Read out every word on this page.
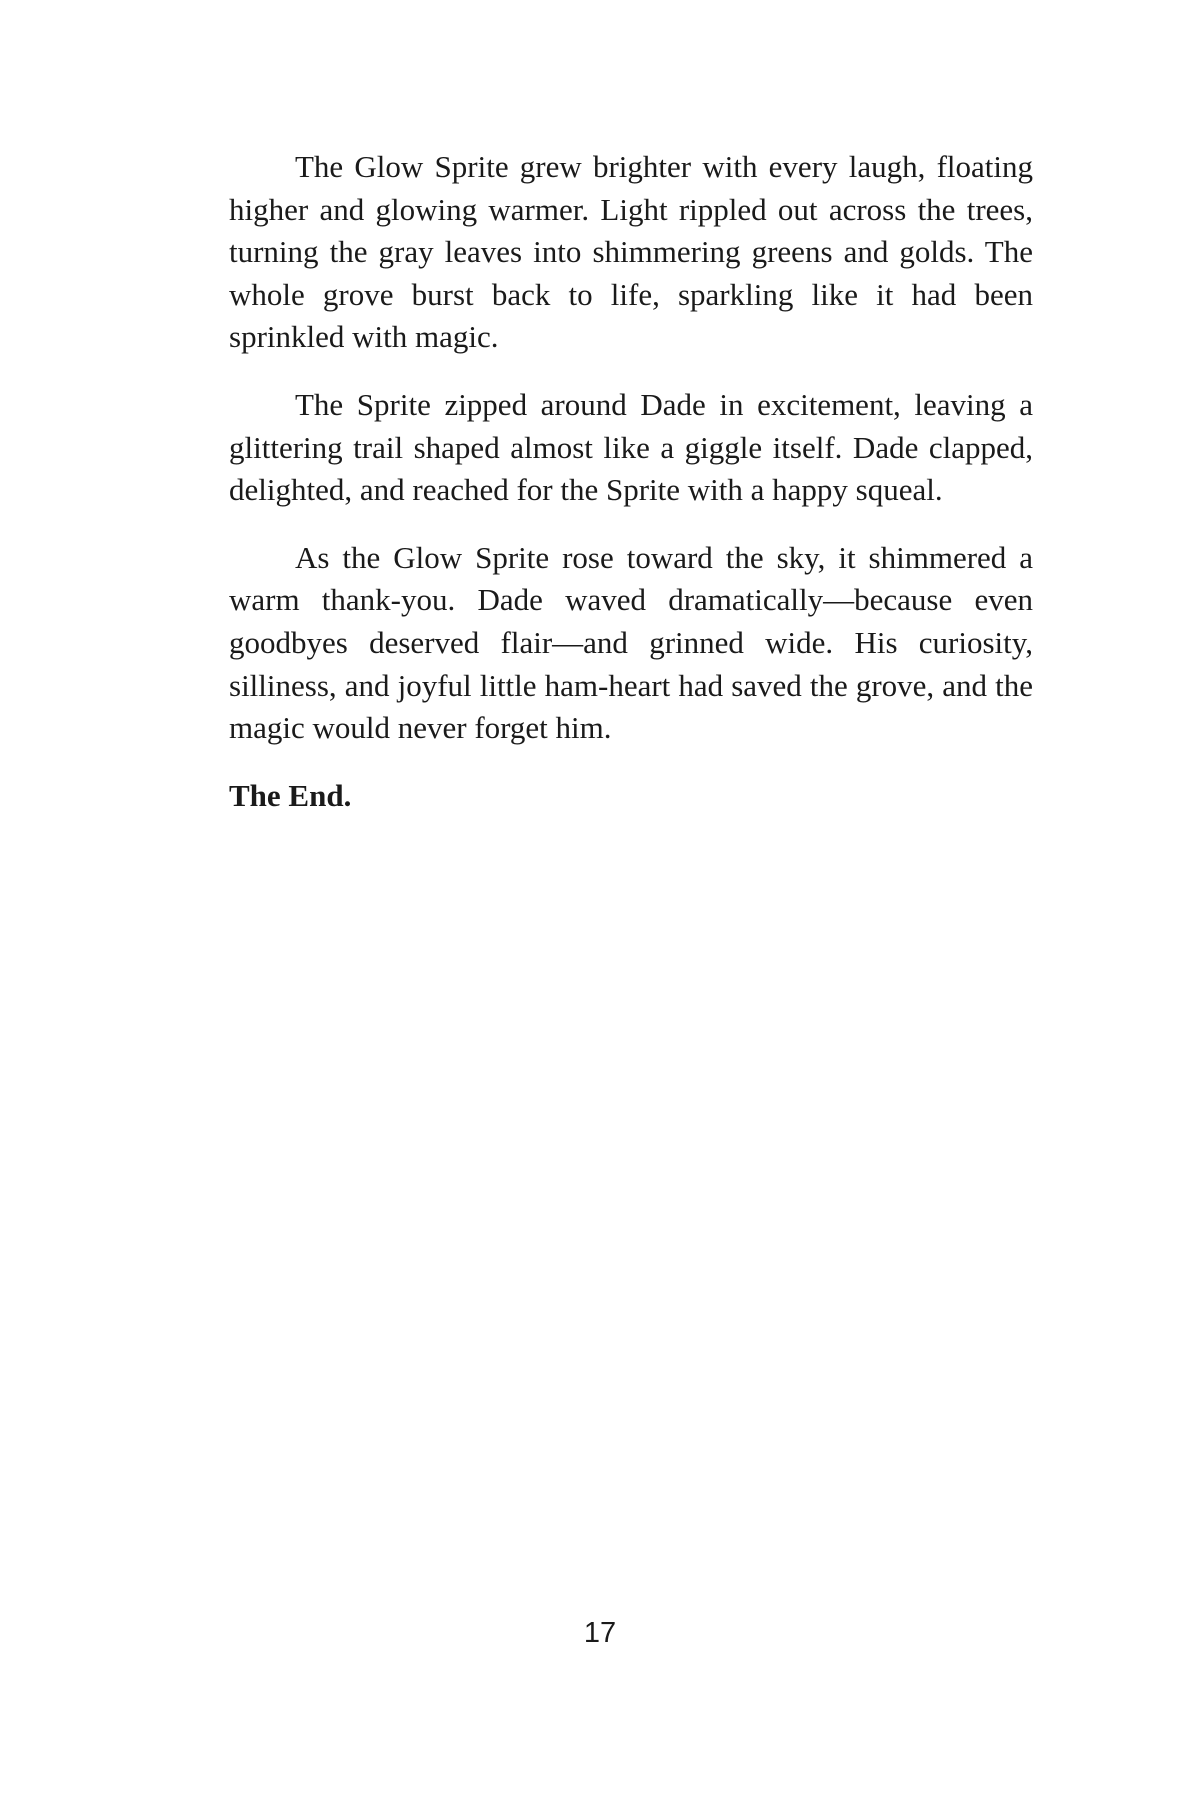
The Glow Sprite grew brighter with every laugh, floating higher and glowing warmer. Light rippled out across the trees, turning the gray leaves into shimmering greens and golds. The whole grove burst back to life, sparkling like it had been sprinkled with magic.

The Sprite zipped around Dade in excitement, leaving a glittering trail shaped almost like a giggle itself. Dade clapped, delighted, and reached for the Sprite with a happy squeal.

As the Glow Sprite rose toward the sky, it shimmered a warm thank-you. Dade waved dramatically—because even goodbyes deserved flair—and grinned wide. His curiosity, silliness, and joyful little ham-heart had saved the grove, and the magic would never forget him.

The End.

17
